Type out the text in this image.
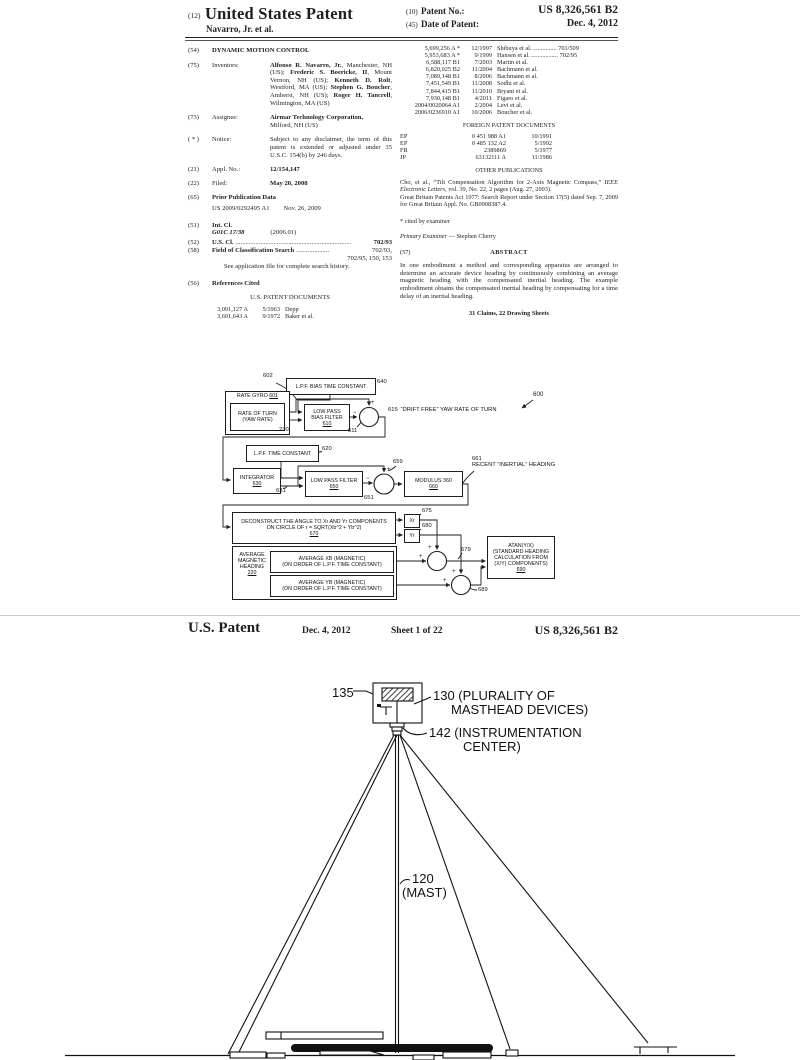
(12) United States Patent
Navarro, Jr. et al.
(10) Patent No.:	US 8,326,561 B2
(45) Date of Patent:	Dec. 4, 2012
(54)	DYNAMIC MOTION CONTROL
(75)	Inventors:	Alfonso R. Navarro, Jr., Manchester, NH (US); Frederic S. Boericke, II, Mount Vernon, NH (US); Kenneth D. Rolt, Westford, MA (US); Stephen G. Boucher, Amherst, NH (US); Roger H. Tancrell, Wilmington, MA (US)
(73)	Assignee:	Airmar Technology Corporation,
Milford, NH (US)
( * )	Notice:	Subject to any disclaimer, the term of this patent is extended or adjusted under 35 U.S.C. 154(b) by 246 days.
(21)	Appl. No.:	12/154,147
(22)	Filed:	May 20, 2008
(65)	Prior Publication Data
US 2009/0292495 A1 Nov. 26, 2009
(51)	Int. Cl.
G01C 17/38	(2006.01)
(52)	U.S. Cl. ......................................................................	702/93
(58)	Field of Classification Search ....................	702/93,
702/95, 150, 153
See application file for complete search history.
(56)	References Cited
U.S. PATENT DOCUMENTS
3,091,127 A	5/1963 Depp
3,691,643 A	9/1972 Baker et al.
5,699,256 A *	12/1997 Shibuya et al. ............... 701/509
5,953,683 A *	9/1999 Hansen et al. ................. 702/95
6,588,117 B1	7/2003 Martin et al.
6,820,025 B2	11/2004 Bachmann et al.
7,089,148 B1	8/2006 Bachmann et al.
7,451,549 B1	11/2008 Sodhi et al.
7,844,415 B1	11/2010 Bryant et al.
7,930,148 B1	4/2011 Figaro et al.
2004/0020064 A1	2/2004 Levi et al.
2006/0236910 A1	10/2006 Boucher et al.
FOREIGN PATENT DOCUMENTS
EP	0 451 988 A1	10/1991
EP	0 485 132 A2	5/1992
FR	2389869	5/1977
JP	63132111 A	11/1986
OTHER PUBLICATIONS
Cho, et al., “Tilt Compensation Algorithm for 2-Axis Magnetic Compass,” IEEE Electronic Letters, vol. 39, No. 22, 2 pages (Aug. 27, 2003).
Great Britain Patents Act 1977: Search Report under Section 17(5) dated Sep. 7, 2009 for Great Britain Appl. No. GB0908387.4.
* cited by examiner
Primary Examiner — Stephen Cherry
(57)	ABSTRACT
In one embodiment a method and corresponding apparatus are arranged to determine an accurate device heading by continuously combining an average magnetic heading with the compensated inertial heading. The example embodiment obtains the compensated inertial heading by compensating for a time delay of an inertial heading.
31 Claims, 22 Drawing Sheets
+
−
+
−
+
+
+
+
L.P.F. BIAS TIME CONSTANT
RATE GYRO 601
RATE OF TURN
(YAW RATE)
LOW PASS
BIAS FILTER
610
L.P.F. TIME CONSTANT
INTEGRATOR
630	LOW PASS FILTER
650
MODULUS 360
660
DECONSTRUCT THE ANGLE TO Xr AND Yr COMPONENTS
ON CIRCLE OF r = SQRT(Xb^2 + Yb^2)
670
Xr
Yr
AVERAGE
MAGNETIC
HEADING
220
AVERAGE XB (MAGNETIC)
(ON ORDER OF L.P.F. TIME CONSTANT)
AVERAGE YB (MAGNETIC)
(ON ORDER OF L.P.F. TIME CONSTANT)
ATAN(Y/X)
(STANDARD HEADING
CALCULATION FROM
(X/Y) COMPONENTS)
690
602
640
230	611
615 “DRIFT FREE” YAW RATE OF TURN
600
620
631
659
651
661
RECENT “INERTIAL” HEADING
675
680
679
689
U.S. Patent	Dec. 4, 2012	Sheet 1 of 22	US 8,326,561 B2
135	130 (PLURALITY OF
MASTHEAD DEVICES)
142 (INSTRUMENTATION
CENTER)
120
(MAST)
